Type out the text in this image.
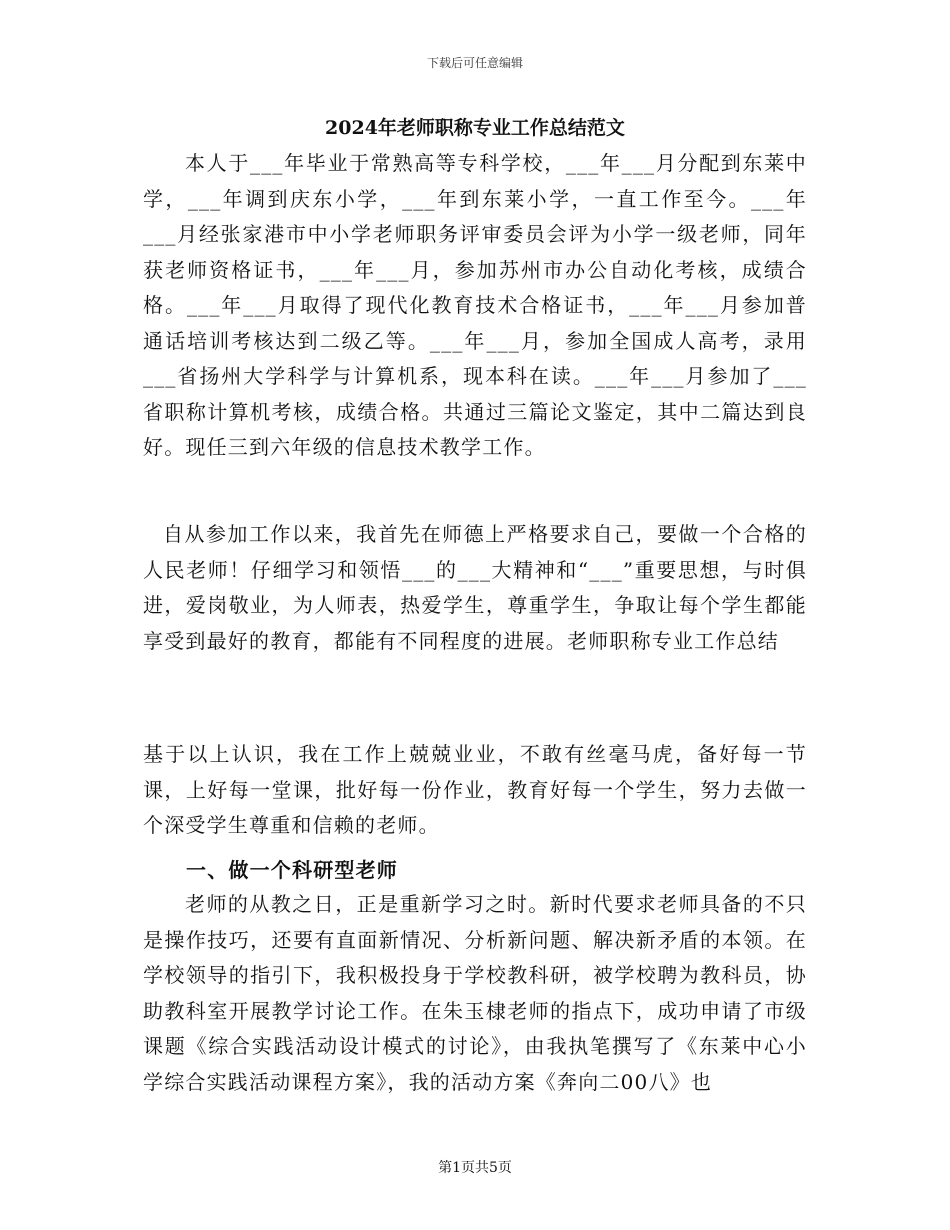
下载后可任意编辑
2024年老师职称专业工作总结范文

本人于___年毕业于常熟高等专科学校，___年___月分配到东莱中学，___年调到庆东小学，___年到东莱小学，一直工作至今。___年___月经张家港市中小学老师职务评审委员会评为小学一级老师，同年获老师资格证书，___年___月，参加苏州市办公自动化考核，成绩合格。___年___月取得了现代化教育技术合格证书，___年___月参加普通话培训考核达到二级乙等。___年___月，参加全国成人高考，录用___省扬州大学科学与计算机系，现本科在读。___年___月参加了___省职称计算机考核，成绩合格。共通过三篇论文鉴定，其中二篇达到良好。现任三到六年级的信息技术教学工作。

自从参加工作以来，我首先在师德上严格要求自己，要做一个合格的人民老师！仔细学习和领悟___的___大精神和“___”重要思想，与时俱进，爱岗敬业，为人师表，热爱学生，尊重学生，争取让每个学生都能享受到最好的教育，都能有不同程度的进展。老师职称专业工作总结

基于以上认识，我在工作上兢兢业业，不敢有丝毫马虎，备好每一节课，上好每一堂课，批好每一份作业，教育好每一个学生，努力去做一个深受学生尊重和信赖的老师。

一、做一个科研型老师

老师的从教之日，正是重新学习之时。新时代要求老师具备的不只是操作技巧，还要有直面新情况、分析新问题、解决新矛盾的本领。在学校领导的指引下，我积极投身于学校教科研，被学校聘为教科员，协助教科室开展教学讨论工作。在朱玉棣老师的指点下，成功申请了市级课题《综合实践活动设计模式的讨论》，由我执笔撰写了《东莱中心小学综合实践活动课程方案》，我的活动方案《奔向二00八》也

第1页共5页
